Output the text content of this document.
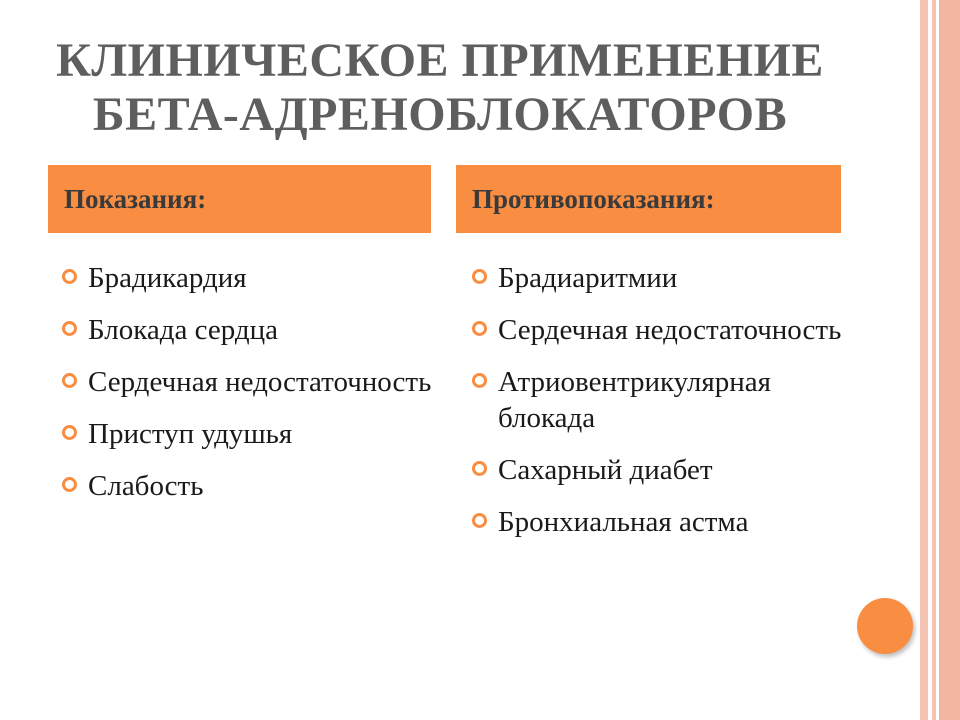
КЛИНИЧЕСКОЕ ПРИМЕНЕНИЕ
БЕТА-АДРЕНОБЛОКАТОРОВ
Показания:	Противопоказания:
Брадикардия
Блокада сердца
Сердечная недостаточность
Приступ удушья
Слабость
Брадиаритмии
Сердечная недостаточность
Атриовентрикулярная блокада
Сахарный диабет
Бронхиальная астма
